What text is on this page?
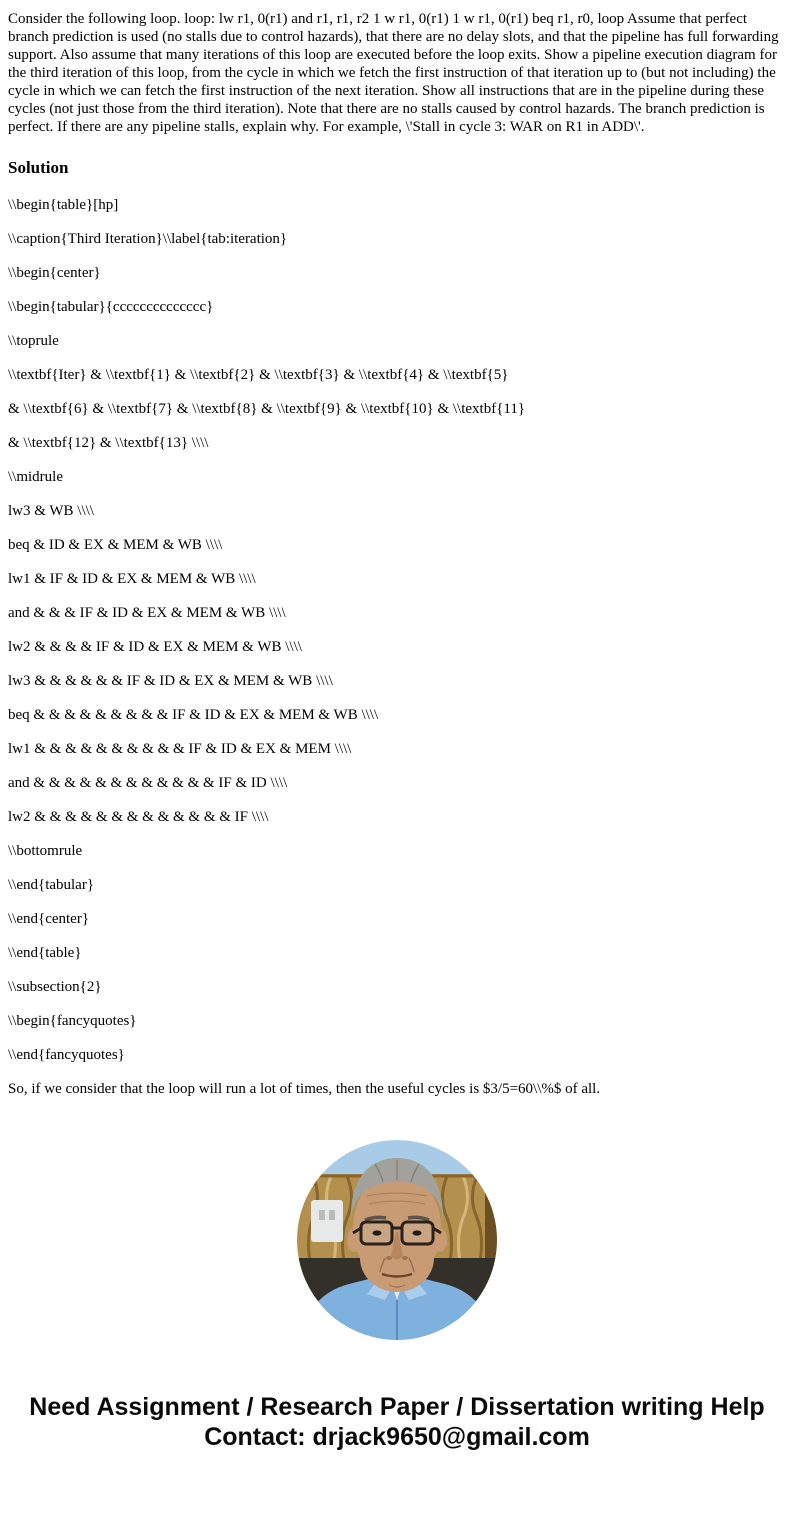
Consider the following loop. loop: lw r1, 0(r1) and r1, r1, r2 1 w r1, 0(r1) 1 w r1, 0(r1) beq r1, r0, loop Assume that perfect branch prediction is used (no stalls due to control hazards), that there are no delay slots, and that the pipeline has full forwarding support. Also assume that many iterations of this loop are executed before the loop exits. Show a pipeline execution diagram for the third iteration of this loop, from the cycle in which we fetch the first instruction of that iteration up to (but not including) the cycle in which we can fetch the first instruction of the next iteration. Show all instructions that are in the pipeline during these cycles (not just those from the third iteration). Note that there are no stalls caused by control hazards. The branch prediction is perfect. If there are any pipeline stalls, explain why. For example, \'Stall in cycle 3: WAR on R1 in ADD\'.

Solution

\\begin{table}[hp]

\\caption{Third Iteration}\\label{tab:iteration}

\\begin{center}

\\begin{tabular}{cccccccccccccc}

\\toprule

\\textbf{Iter} & \\textbf{1} & \\textbf{2} & \\textbf{3} & \\textbf{4} & \\textbf{5}

& \\textbf{6} & \\textbf{7} & \\textbf{8} & \\textbf{9} & \\textbf{10} & \\textbf{11}

& \\textbf{12} & \\textbf{13} \\\\

\\midrule

lw3 & WB \\\\

beq & ID & EX & MEM & WB \\\\

lw1 & IF & ID & EX & MEM & WB \\\\

and & & & IF & ID & EX & MEM & WB \\\\

lw2 & & & & IF & ID & EX & MEM & WB \\\\

lw3 & & & & & & IF & ID & EX & MEM & WB \\\\

beq & & & & & & & & & IF & ID & EX & MEM & WB \\\\

lw1 & & & & & & & & & & IF & ID & EX & MEM \\\\

and & & & & & & & & & & & & IF & ID \\\\

lw2 & & & & & & & & & & & & & IF \\\\

\\bottomrule

\\end{tabular}

\\end{center}

\\end{table}

\\subsection{2}

\\begin{fancyquotes}

\\end{fancyquotes}

So, if we consider that the loop will run a lot of times, then the useful cycles is $3/5=60\\%$ of all.

Need Assignment / Research Paper / Dissertation writing Help
Contact: drjack9650@gmail.com
